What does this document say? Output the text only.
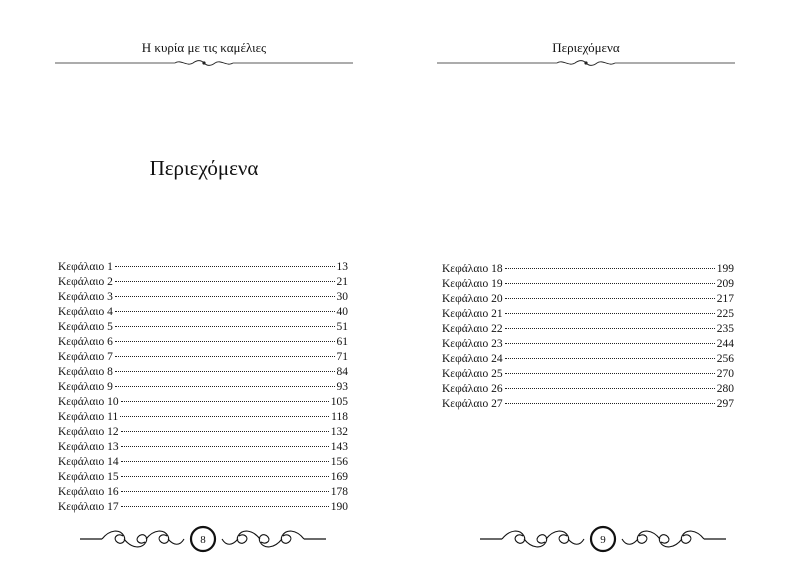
Η κυρία με τις καμέλιες
Περιεχόμενα
Κεφάλαιο 1	13
Κεφάλαιο 2	21
Κεφάλαιο 3	30
Κεφάλαιο 4	40
Κεφάλαιο 5	51
Κεφάλαιο 6	61
Κεφάλαιο 7	71
Κεφάλαιο 8	84
Κεφάλαιο 9	93
Κεφάλαιο 10	105
Κεφάλαιο 11	118
Κεφάλαιο 12	132
Κεφάλαιο 13	143
Κεφάλαιο 14	156
Κεφάλαιο 15	169
Κεφάλαιο 16	178
Κεφάλαιο 17	190
8
Περιεχόμενα
Κεφάλαιο 18	199
Κεφάλαιο 19	209
Κεφάλαιο 20	217
Κεφάλαιο 21	225
Κεφάλαιο 22	235
Κεφάλαιο 23	244
Κεφάλαιο 24	256
Κεφάλαιο 25	270
Κεφάλαιο 26	280
Κεφάλαιο 27	297
9
